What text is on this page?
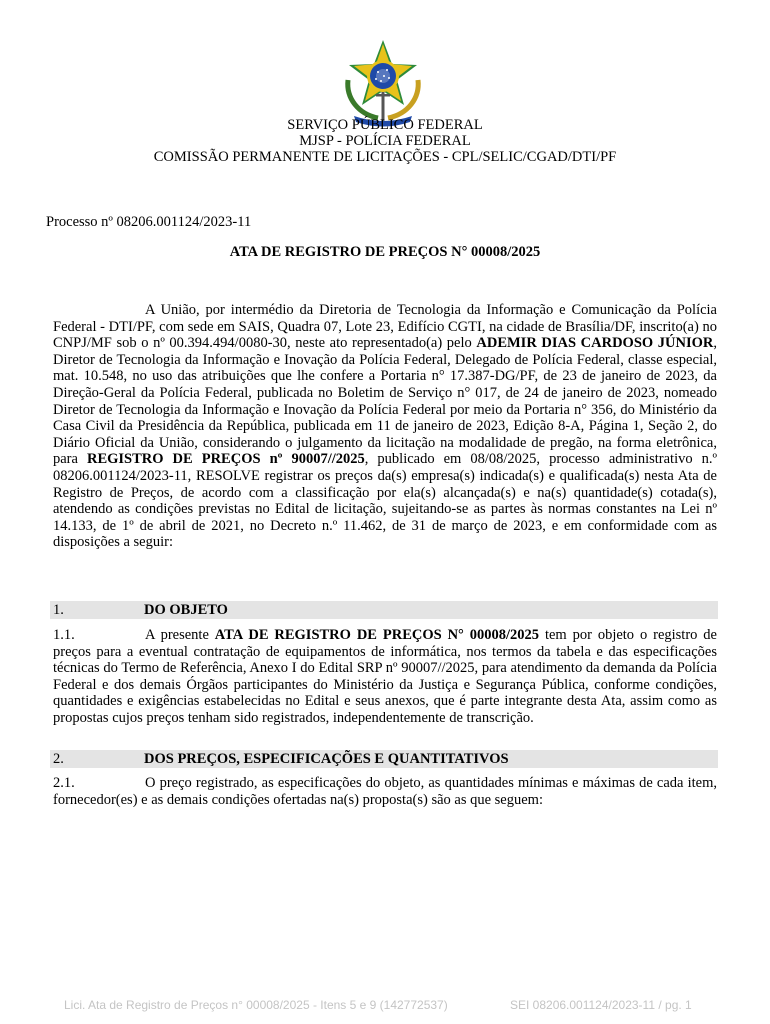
SERVIÇO PÚBLICO FEDERAL
MJSP - POLÍCIA FEDERAL
COMISSÃO PERMANENTE DE LICITAÇÕES - CPL/SELIC/CGAD/DTI/PF
Processo nº 08206.001124/2023-11
ATA DE REGISTRO DE PREÇOS N° 00008/2025
A União, por intermédio da Diretoria de Tecnologia da Informação e Comunicação da Polícia Federal - DTI/PF, com sede em SAIS, Quadra 07, Lote 23, Edifício CGTI, na cidade de Brasília/DF, inscrito(a) no CNPJ/MF sob o nº 00.394.494/0080-30, neste ato representado(a) pelo ADEMIR DIAS CARDOSO JÚNIOR, Diretor de Tecnologia da Informação e Inovação da Polícia Federal, Delegado de Polícia Federal, classe especial, mat. 10.548, no uso das atribuições que lhe confere a Portaria n° 17.387-DG/PF, de 23 de janeiro de 2023, da Direção-Geral da Polícia Federal, publicada no Boletim de Serviço n° 017, de 24 de janeiro de 2023, nomeado Diretor de Tecnologia da Informação e Inovação da Polícia Federal por meio da Portaria n° 356, do Ministério da Casa Civil da Presidência da República, publicada em 11 de janeiro de 2023, Edição 8-A, Página 1, Seção 2, do Diário Oficial da União, considerando o julgamento da licitação na modalidade de pregão, na forma eletrônica, para REGISTRO DE PREÇOS nº 90007//2025, publicado em 08/08/2025, processo administrativo n.º 08206.001124/2023-11, RESOLVE registrar os preços da(s) empresa(s) indicada(s) e qualificada(s) nesta Ata de Registro de Preços, de acordo com a classificação por ela(s) alcançada(s) e na(s) quantidade(s) cotada(s), atendendo as condições previstas no Edital de licitação, sujeitando-se as partes às normas constantes na Lei nº 14.133, de 1º de abril de 2021, no Decreto n.º 11.462, de 31 de março de 2023, e em conformidade com as disposições a seguir:
1.	DO OBJETO
1.1.	A presente ATA DE REGISTRO DE PREÇOS N° 00008/2025 tem por objeto o registro de preços para a eventual contratação de equipamentos de informática, nos termos da tabela e das especificações técnicas do Termo de Referência, Anexo I do Edital SRP nº 90007//2025, para atendimento da demanda da Polícia Federal e dos demais Órgãos participantes do Ministério da Justiça e Segurança Pública, conforme condições, quantidades e exigências estabelecidas no Edital e seus anexos, que é parte integrante desta Ata, assim como as propostas cujos preços tenham sido registrados, independentemente de transcrição.
2.	DOS PREÇOS, ESPECIFICAÇÕES E QUANTITATIVOS
2.1.	O preço registrado, as especificações do objeto, as quantidades mínimas e máximas de cada item, fornecedor(es) e as demais condições ofertadas na(s) proposta(s) são as que seguem:
Lici. Ata de Registro de Preços n° 00008/2025 - Itens 5 e 9 (142772537)	SEI 08206.001124/2023-11 / pg. 1
